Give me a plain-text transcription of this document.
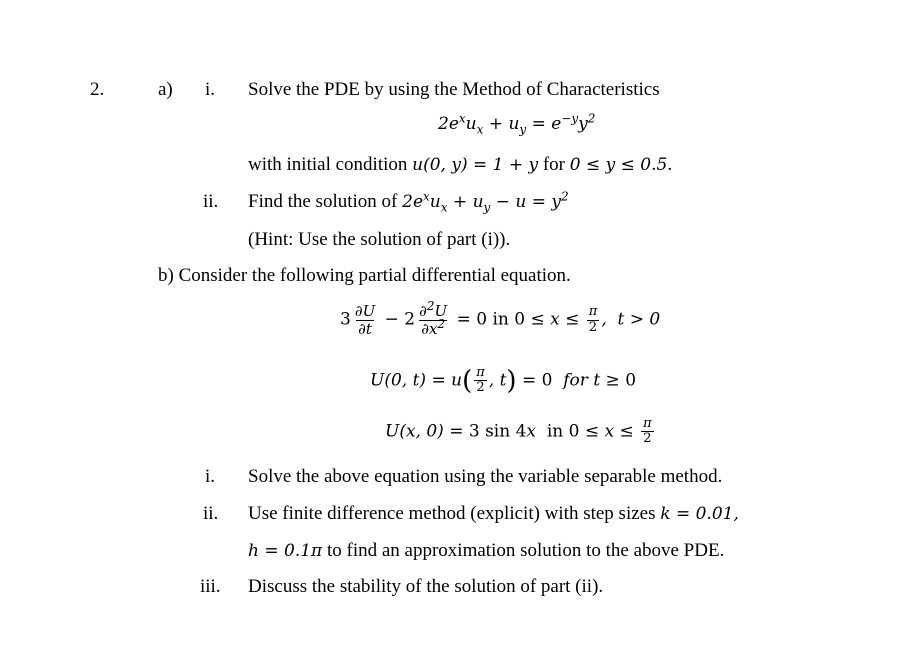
2.	a) i. Solve the PDE by using the Method of Characteristics
$2e^xu_x + u_y = e^{-y}y^2$
with initial condition u(0, y) = 1 + y for 0 ≤ y ≤ 0.5.
ii. Find the solution of $2e^xu_x + u_y - u = y^2$
(Hint: Use the solution of part (i)).
b) Consider the following partial differential equation.
$3 \frac{\partial U}{\partial t} - 2 \frac{\partial^2U}{\partial x^2} = 0$ in $0 \le x \le \frac{\pi}{2}$ ,  t > 0
U(0, $t) = u( \frac{\pi}{2}$ , t) = 0  for t ≥ 0
U(x, 0) = 3 sin 4x  in $0 \le x \le \frac{\pi}{2}$
i. Solve the above equation using the variable separable method.
ii. Use finite difference method (explicit) with step sizes k = 0.01,
h = 0.1π to find an approximation solution to the above PDE.
iii. Discuss the stability of the solution of part (ii).
